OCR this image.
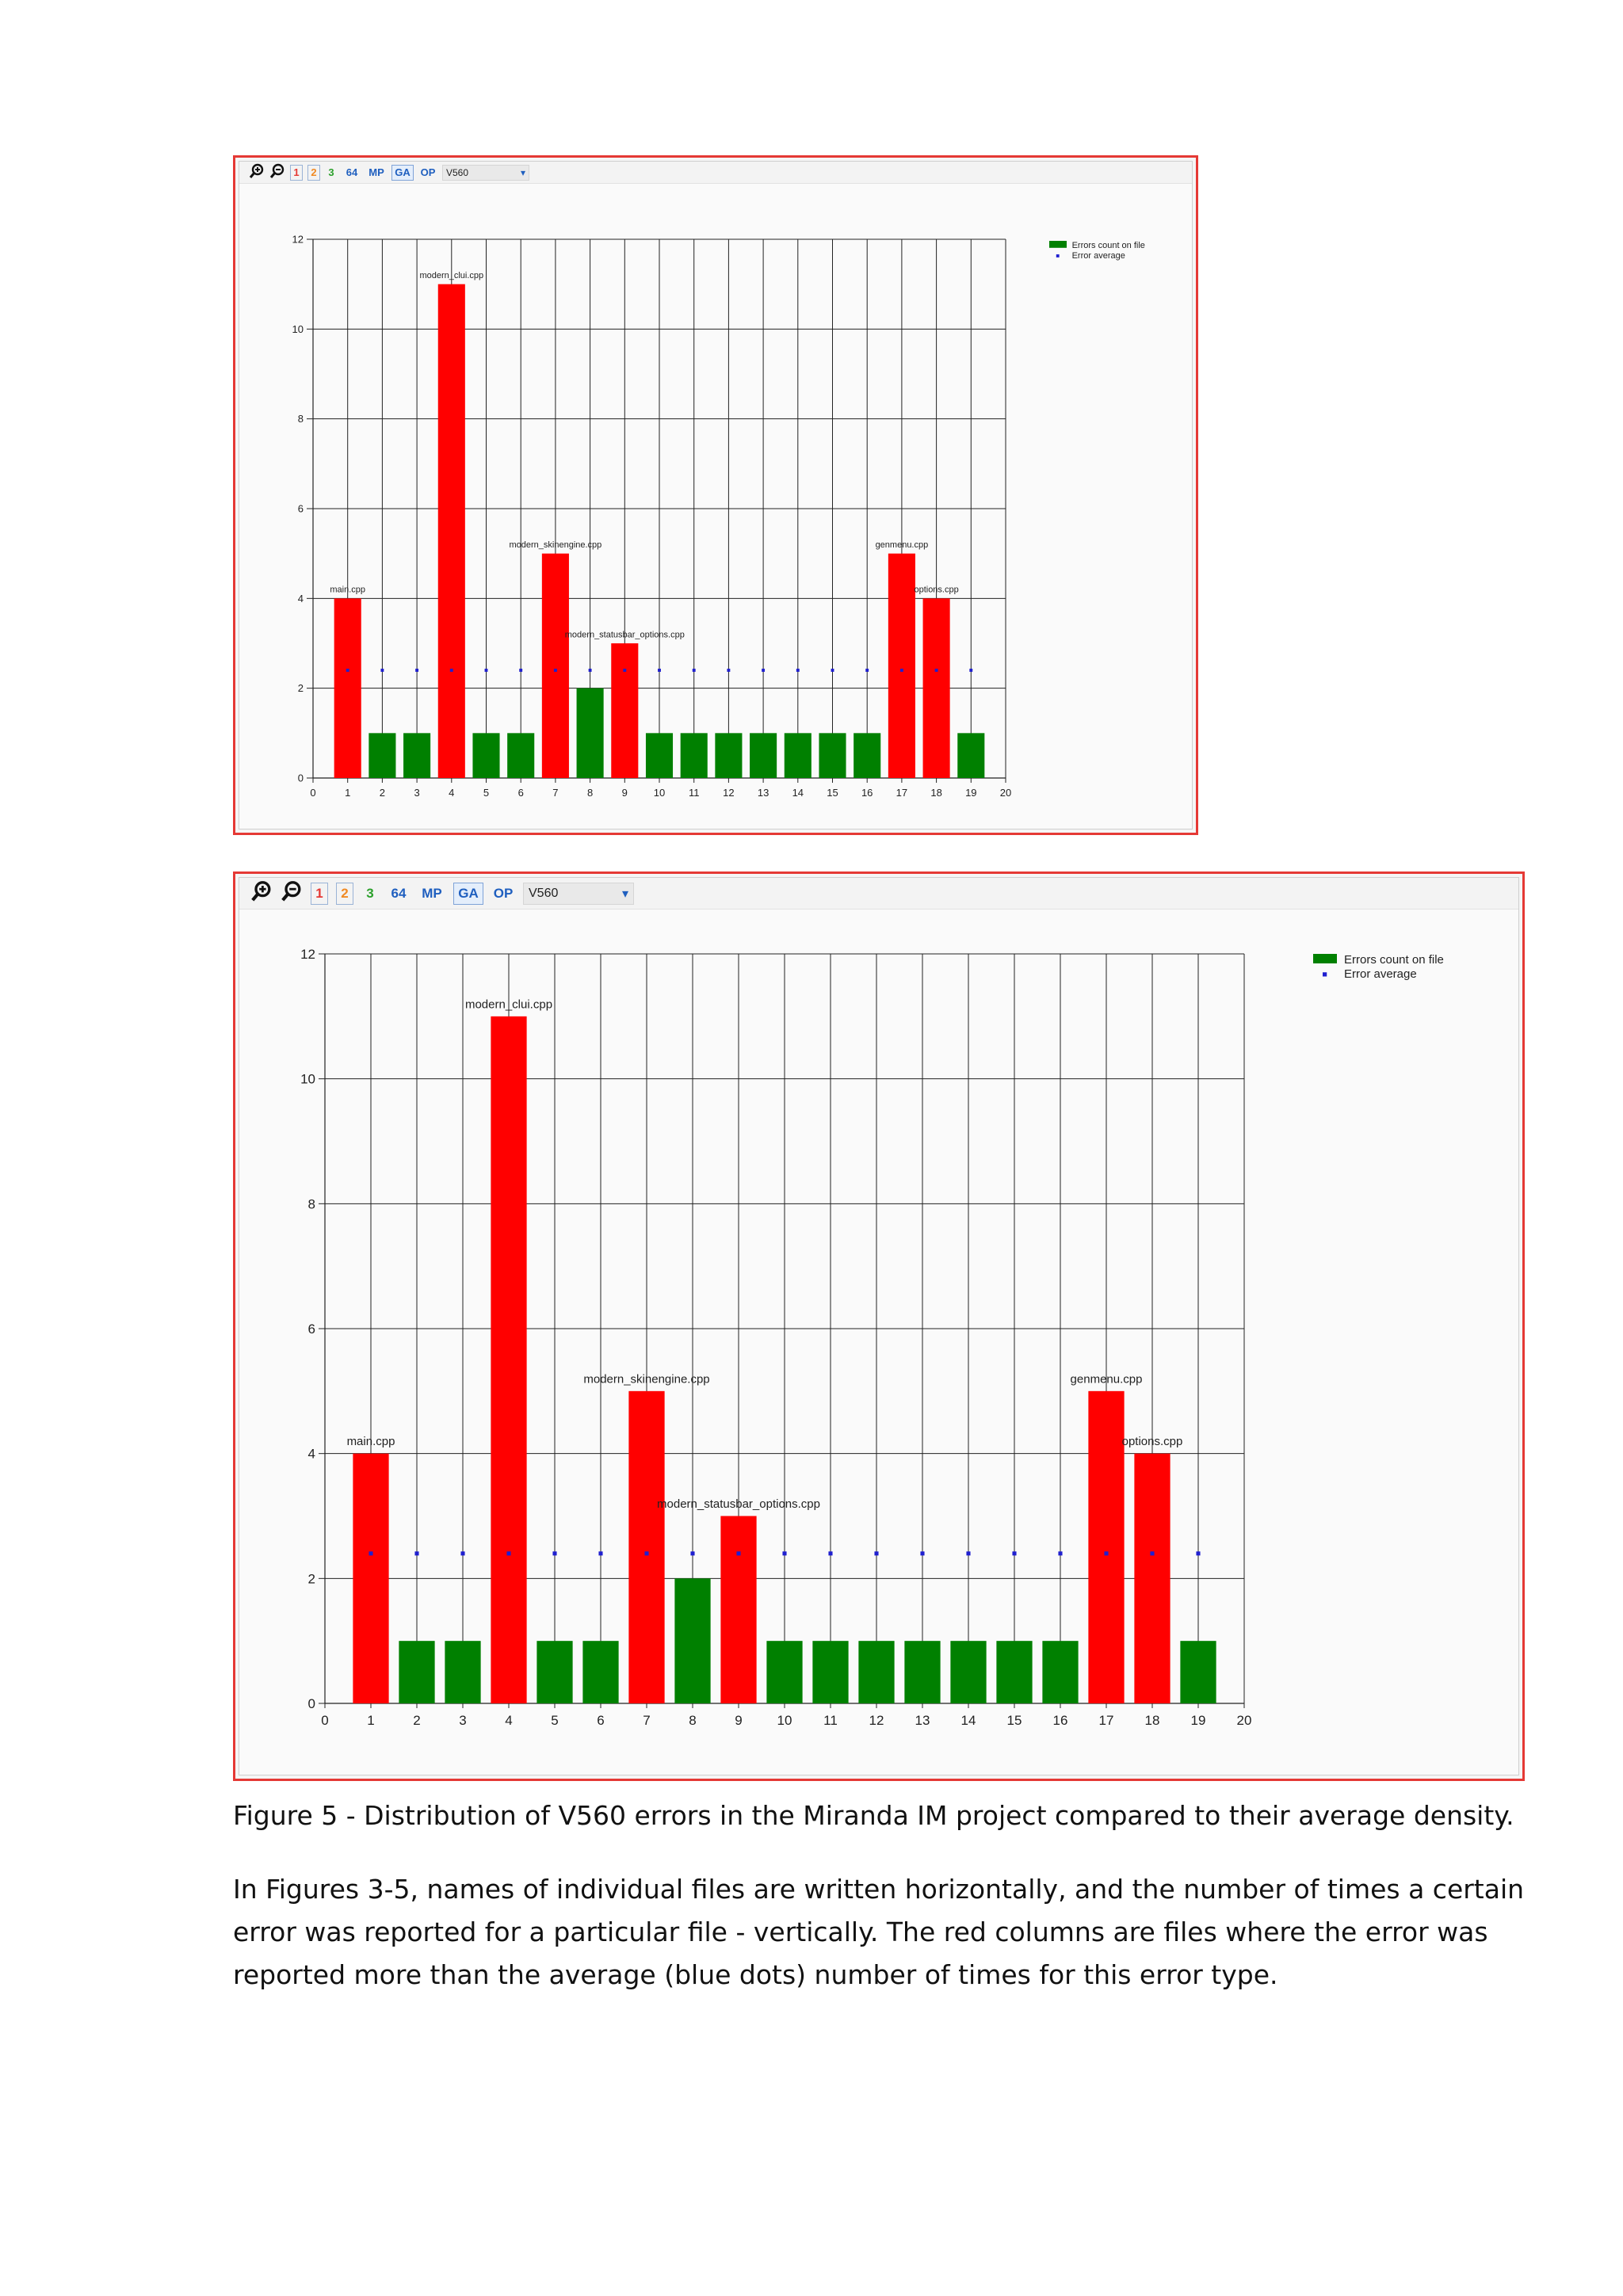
1	2	3	64	MP	GA OP V560	▾
main.cpp
modern_clui.cpp
modern_skinengine.cpp
modern_statusbar_options.cpp
genmenu.cpp
options.cpp
0	1	2	3	4	5	6	7	8	9	10 11 12 13 14 15 16 17 18 19 20
0
2
4
6
8
10
12
Errors count on file
Error average
1	2	3	64	MP	GA	OP V560	▾
main.cpp
modern_clui.cpp
modern_skinengine.cpp
modern_statusbar_options.cpp
genmenu.cpp
options.cpp
0	1	2	3	4	5	6	7	8	9	10 11 12 13 14 15 16 17 18 19 20
0
2
4
6
8
10
12	Errors count on file
Error average
Figure 5 - Distribution of V560 errors in the Miranda IM project compared to their average density.
In Figures 3-5, names of individual files are written horizontally, and the number of times a certain error was reported for a particular file - vertically. The red columns are files where the error was reported more than the average (blue dots) number of times for this error type.
